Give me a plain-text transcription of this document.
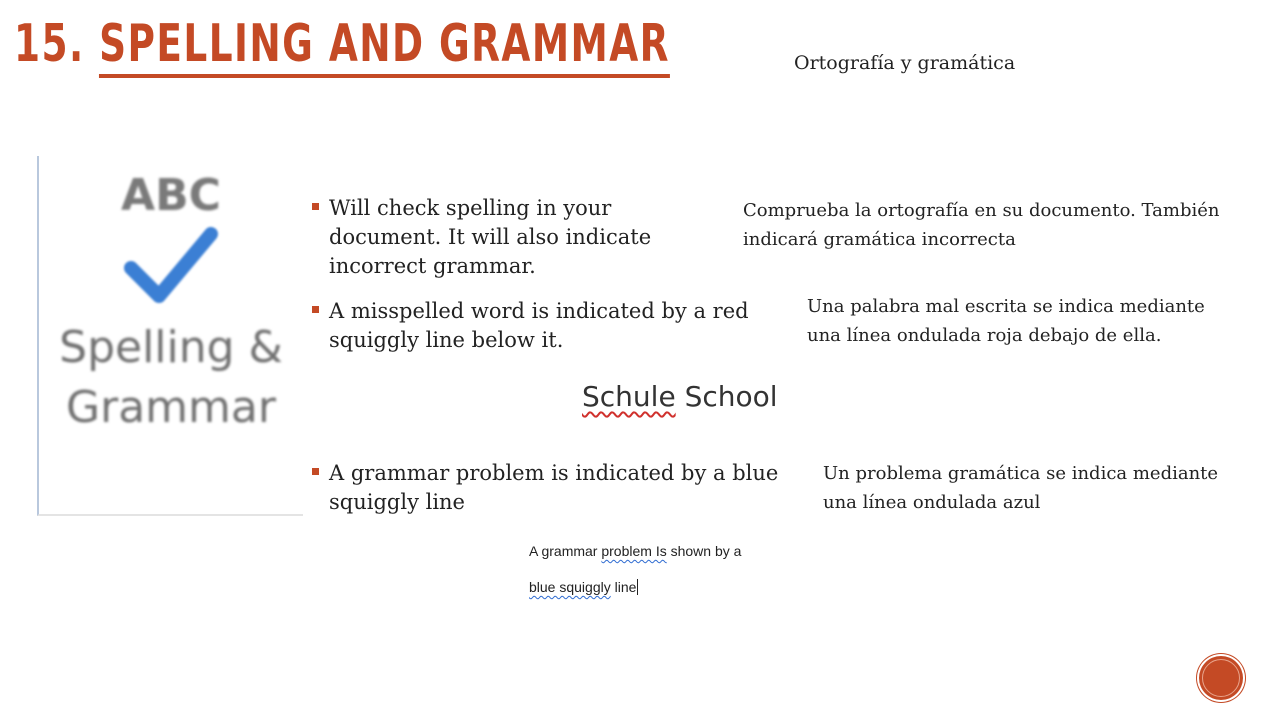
15. SPELLING AND GRAMMAR	Ortografía y gramática
ABC
Spelling &
Grammar
Will check spelling in your document. It will also indicate incorrect grammar.
Comprueba la ortografía en su documento. También indicará gramática incorrecta
A misspelled word is indicated by a red squiggly line below it.
Una palabra mal escrita se indica mediante una línea ondulada roja debajo de ella.
Schule School
A grammar problem is indicated by a blue squiggly line
Un problema gramática se indica mediante una línea ondulada azul
A grammar problem Is shown by a
blue squiggly line
